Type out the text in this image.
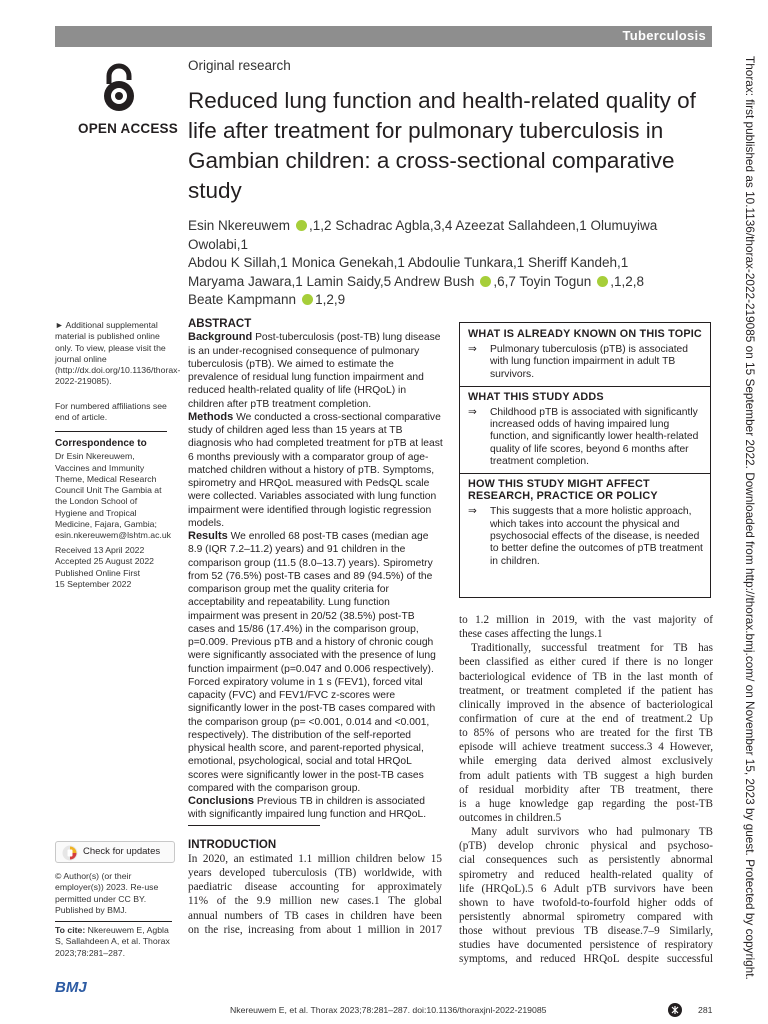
Tuberculosis
OPEN ACCESS
Original research
Reduced lung function and health-related quality of life after treatment for pulmonary tuberculosis in Gambian children: a cross-sectional comparative study
Esin Nkereuwem ,1,2 Schadrac Agbla,3,4 Azeezat Sallahdeen,1 Olumuyiwa Owolabi,1
Abdou K Sillah,1 Monica Genekah,1 Abdoulie Tunkara,1 Sheriff Kandeh,1
Maryama Jawara,1 Lamin Saidy,5 Andrew Bush ,6,7 Toyin Togun ,1,2,8
Beate Kampmann 1,2,9
► Additional supplemental material is published online only. To view, please visit the journal online (http://dx.doi.org/10.1136/thorax-2022-219085).
For numbered affiliations see end of article.
Correspondence to
Dr Esin Nkereuwem, Vaccines and Immunity Theme, Medical Research Council Unit The Gambia at the London School of Hygiene and Tropical Medicine, Fajara, Gambia; esin.nkereuwem@lshtm.ac.uk
Received 13 April 2022
Accepted 25 August 2022
Published Online First
15 September 2022
Check for updates
© Author(s) (or their employer(s)) 2023. Re-use permitted under CC BY. Published by BMJ.
To cite: Nkereuwem E, Agbla S, Sallahdeen A, et al. Thorax 2023;78:281–287.

ABSTRACT

Background Post-tuberculosis (post-TB) lung disease is an under-recognised consequence of pulmonary tuberculosis (pTB). We aimed to estimate the prevalence of residual lung function impairment and reduced health-related quality of life (HRQoL) in children after pTB treatment completion.

Methods We conducted a cross-sectional comparative study of children aged less than 15 years at TB diagnosis who had completed treatment for pTB at least 6 months previously with a comparator group of age-matched children without a history of pTB. Symptoms, spirometry and HRQoL measured with PedsQL scale were collected. Variables associated with lung function impairment were identified through logistic regression models.

Results We enrolled 68 post-TB cases (median age 8.9 (IQR 7.2–11.2) years) and 91 children in the comparison group (11.5 (8.0–13.7) years). Spirometry from 52 (76.5%) post-TB cases and 89 (94.5%) of the comparison group met the quality criteria for acceptability and repeatability. Lung function impairment was present in 20/52 (38.5%) post-TB cases and 15/86 (17.4%) in the comparison group, p=0.009. Previous pTB and a history of chronic cough were significantly associated with the presence of lung function impairment (p=0.047 and 0.006 respectively). Forced expiratory volume in 1 s (FEV1), forced vital capacity (FVC) and FEV1/FVC z-scores were significantly lower in the post-TB cases compared with the comparison group (p= <0.001, 0.014 and <0.001, respectively). The distribution of the self-reported physical health score, and parent-reported physical, emotional, psychological, social and total HRQoL scores were significantly lower in the post-TB cases compared with the comparison group.

Conclusions Previous TB in children is associated with significantly impaired lung function and HRQoL.

WHAT IS ALREADY KNOWN ON THIS TOPIC

⇒ Pulmonary tuberculosis (pTB) is associated with lung function impairment in adult TB survivors.

WHAT THIS STUDY ADDS

⇒ Childhood pTB is associated with significantly increased odds of having impaired lung function, and significantly lower health-related quality of life scores, beyond 6 months after treatment completion.

HOW THIS STUDY MIGHT AFFECT RESEARCH, PRACTICE OR POLICY

⇒ This suggests that a more holistic approach, which takes into account the physical and psychosocial effects of the disease, is needed to better define the outcomes of pTB treatment in children.
INTRODUCTION
In 2020, an estimated 1.1 million children below 15
years developed tuberculosis (TB) worldwide, with
paediatric disease accounting for approximately
11% of the 9.9 million new cases.1 The global
annual numbers of TB cases in children have been
on the rise, increasing from about 1 million in 2017
to 1.2 million in 2019, with the vast majority of
these cases affecting the lungs.1
Traditionally, successful treatment for TB has
been classified as either cured if there is no longer
bacteriological evidence of TB in the last month of
treatment, or treatment completed if the patient has
clinically improved in the absence of bacteriological
confirmation of cure at the end of treatment.2 Up
to 85% of persons who are treated for the first TB
episode will achieve treatment success.3 4 However,
while emerging data derived almost exclusively
from adult patients with TB suggest a high burden
of residual morbidity after TB treatment, there
is a huge knowledge gap regarding the post-TB
outcomes in children.5
Many adult survivors who had pulmonary TB
(pTB) develop chronic physical and psychoso-
cial consequences such as persistently abnormal
spirometry and reduced health-related quality of
life (HRQoL).5 6 Adult pTB survivors have been
shown to have twofold-to-fourfold higher odds of
persistently abnormal spirometry compared with
those without previous TB disease.7–9 Similarly,
studies have documented persistence of respiratory
symptoms, and reduced HRQoL despite successful	Thorax: first published as 10.1136/thorax-2022-219085 on 15 September 2022. Downloaded from http://thorax.bmj.com/ on November 15, 2023 by guest. Protected by copyright.
BMJ
Nkereuwem E, et al. Thorax 2023;78:281–287. doi:10.1136/thoraxjnl-2022-219085	281
